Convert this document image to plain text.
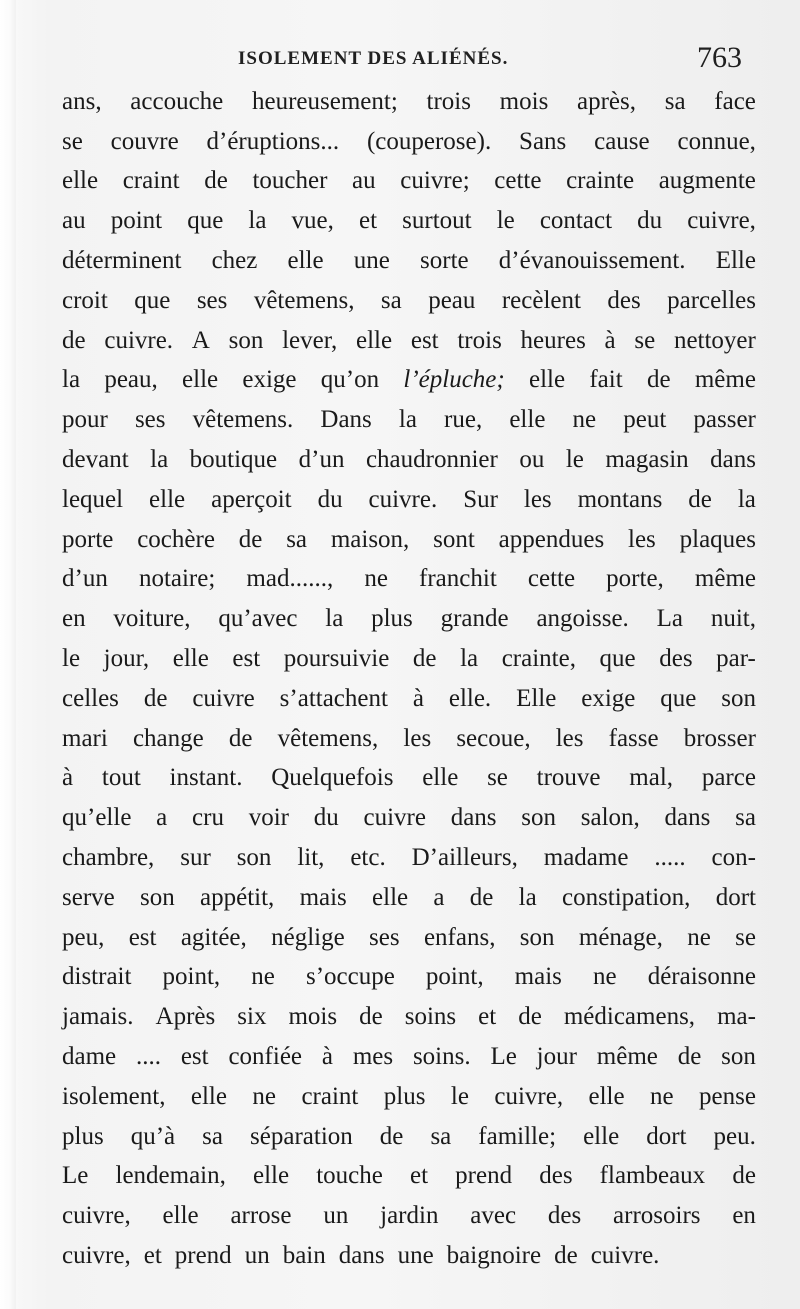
ISOLEMENT DES ALIÉNÉS.	763
ans, accouche heureusement; trois mois après, sa face
se couvre d’éruptions... (couperose). Sans cause connue,
elle craint de toucher au cuivre; cette crainte augmente
au point que la vue, et surtout le contact du cuivre,
déterminent chez elle une sorte d’évanouissement. Elle
croit que ses vêtemens, sa peau recèlent des parcelles
de cuivre. A son lever, elle est trois heures à se nettoyer
la peau, elle exige qu’on l’épluche; elle fait de même
pour ses vêtemens. Dans la rue, elle ne peut passer
devant la boutique d’un chaudronnier ou le magasin dans
lequel elle aperçoit du cuivre. Sur les montans de la
porte cochère de sa maison, sont appendues les plaques
d’un notaire; mad......, ne franchit cette porte, même
en voiture, qu’avec la plus grande angoisse. La nuit,
le jour, elle est poursuivie de la crainte, que des par-
celles de cuivre s’attachent à elle. Elle exige que son
mari change de vêtemens, les secoue, les fasse brosser
à tout instant. Quelquefois elle se trouve mal, parce
qu’elle a cru voir du cuivre dans son salon, dans sa
chambre, sur son lit, etc. D’ailleurs, madame ..... con-
serve son appétit, mais elle a de la constipation, dort
peu, est agitée, néglige ses enfans, son ménage, ne se
distrait point, ne s’occupe point, mais ne déraisonne
jamais. Après six mois de soins et de médicamens, ma-
dame .... est confiée à mes soins. Le jour même de son
isolement, elle ne craint plus le cuivre, elle ne pense
plus qu’à sa séparation de sa famille; elle dort peu.
Le lendemain, elle touche et prend des flambeaux de
cuivre, elle arrose un jardin avec des arrosoirs en
cuivre, et prend un bain dans une baignoire de cuivre.
